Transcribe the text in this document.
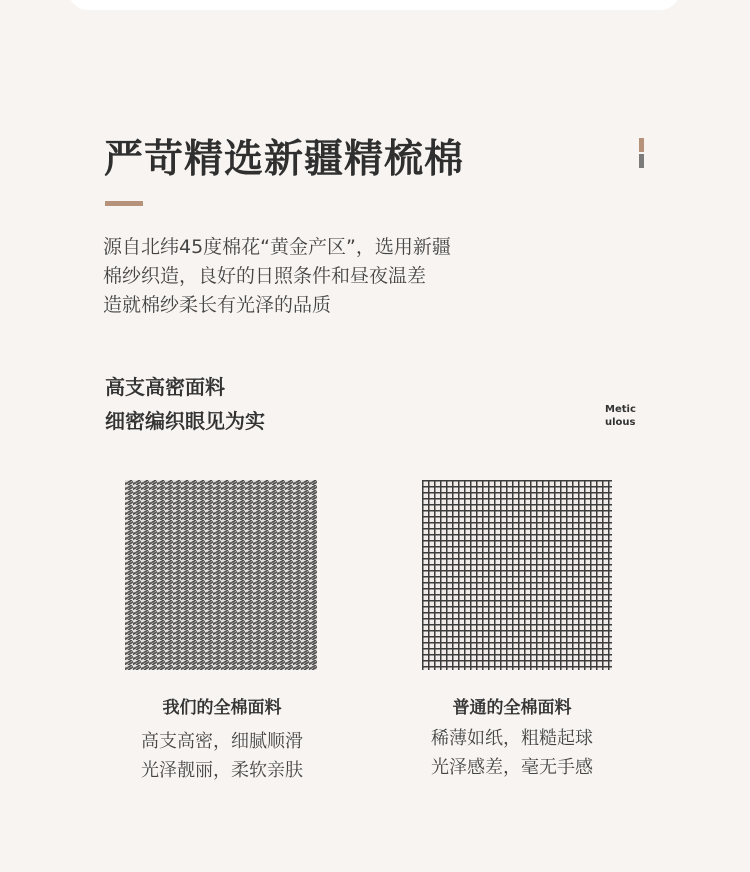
严苛精选新疆精梳棉
源自北纬45度棉花“黄金产区”，选用新疆
棉纱织造，良好的日照条件和昼夜温差
造就棉纱柔长有光泽的品质
高支高密面料
细密编织眼见为实	Metic
ulous
我们的全棉面料
高支高密，细腻顺滑
光泽靓丽，柔软亲肤
普通的全棉面料
稀薄如纸，粗糙起球
光泽感差，毫无手感
